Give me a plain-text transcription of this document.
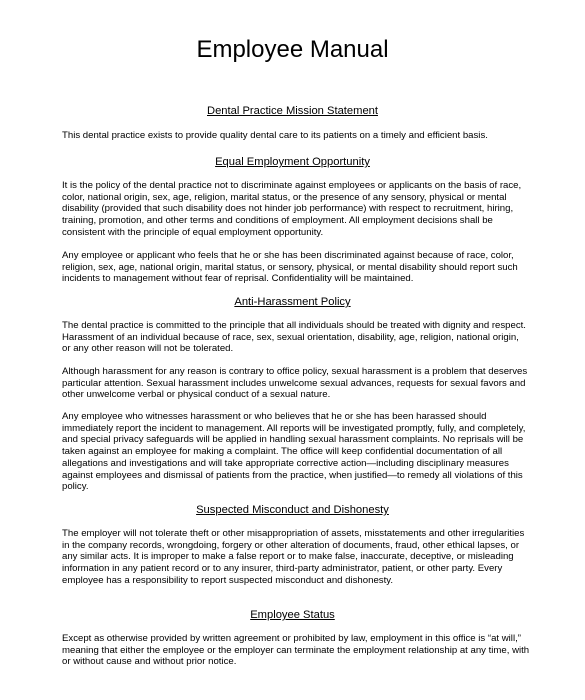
Employee Manual
Dental Practice Mission Statement
This dental practice exists to provide quality dental care to its patients on a timely and efficient basis.
Equal Employment Opportunity
It is the policy of the dental practice not to discriminate against employees or applicants on the basis of race, color, national origin, sex, age, religion, marital status, or the presence of any sensory, physical or mental disability (provided that such disability does not hinder job performance) with respect to recruitment, hiring, training, promotion, and other terms and conditions of employment. All employment decisions shall be consistent with the principle of equal employment opportunity.
Any employee or applicant who feels that he or she has been discriminated against because of race, color, religion, sex, age, national origin, marital status, or sensory, physical, or mental disability should report such incidents to management without fear of reprisal. Confidentiality will be maintained.
Anti-Harassment Policy
The dental practice is committed to the principle that all individuals should be treated with dignity and respect. Harassment of an individual because of race, sex, sexual orientation, disability, age, religion, national origin, or any other reason will not be tolerated.
Although harassment for any reason is contrary to office policy, sexual harassment is a problem that deserves particular attention. Sexual harassment includes unwelcome sexual advances, requests for sexual favors and other unwelcome verbal or physical conduct of a sexual nature.
Any employee who witnesses harassment or who believes that he or she has been harassed should immediately report the incident to management. All reports will be investigated promptly, fully, and completely, and special privacy safeguards will be applied in handling sexual harassment complaints. No reprisals will be taken against an employee for making a complaint. The office will keep confidential documentation of all allegations and investigations and will take appropriate corrective action—including disciplinary measures against employees and dismissal of patients from the practice, when justified—to remedy all violations of this policy.
Suspected Misconduct and Dishonesty
The employer will not tolerate theft or other misappropriation of assets, misstatements and other irregularities in the company records, wrongdoing, forgery or other alteration of documents, fraud, other ethical lapses, or any similar acts. It is improper to make a false report or to make false, inaccurate, deceptive, or misleading information in any patient record or to any insurer, third-party administrator, patient, or other party. Every employee has a responsibility to report suspected misconduct and dishonesty.
Employee Status
Except as otherwise provided by written agreement or prohibited by law, employment in this office is “at will,” meaning that either the employee or the employer can terminate the employment relationship at any time, with or without cause and without prior notice.
